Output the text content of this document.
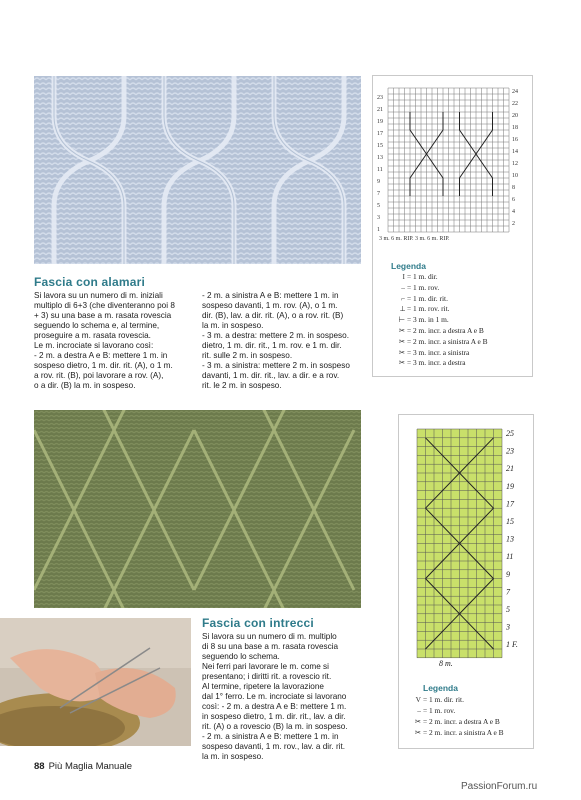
24
23
22
21
20
19
18
17
16
15
14
13
12
11
10
9
8
7
6
5
4
3
2
1
3 m. 6 m. RIP. 3 m. 6 m. RIP.
Legenda
I = 1 m. dir.
– = 1 m. rov.
⌐ = 1 m. dir. rit.
⟂ = 1 m. rov. rit.
⊢ = 3 m. in 1 m.
✂ = 2 m. incr. a destra A e B
✂ = 2 m. incr. a sinistra A e B
✂ = 3 m. incr. a sinistra
✂ = 3 m. incr. a destra
Fascia con alamari

Si lavora su un numero di m. iniziali

multiplo di 6+3 (che diventeranno poi 8

+ 3) su una base a m. rasata rovescia

seguendo lo schema e, al termine,

proseguire a m. rasata rovescia.

Le m. incrociate si lavorano così:

- 2 m. a destra A e B: mettere 1 m. in

sospeso dietro, 1 m. dir. rit. (A), o 1 m.

a rov. rit. (B), poi lavorare a rov. (A),

o a dir. (B) la m. in sospeso.

- 2 m. a sinistra A e B: mettere 1 m. in

sospeso davanti, 1 m. rov. (A), o 1 m.

dir. (B), lav. a dir. rit. (A), o a rov. rit. (B)

la m. in sospeso.

- 3 m. a destra: mettere 2 m. in sospeso.

dietro, 1 m. dir. rit., 1 m. rov. e 1 m. dir.

rit. sulle 2 m. in sospeso.

- 3 m. a sinistra: mettere 2 m. in sospeso

davanti, 1 m. dir. rit., lav. a dir. e a rov.

rit. le 2 m. in sospeso.

25
23
21
19
17
15
13
11
9
7
5
3
1 F.
8 m.
Legenda
V = 1 m. dir. rit.
– = 1 m. rov.
✂ = 2 m. incr. a destra A e B
✂ = 2 m. incr. a sinistra A e B
Fascia con intrecci

Si lavora su un numero di m. multiplo

di 8 su una base a m. rasata rovescia

seguendo lo schema.

Nei ferri pari lavorare le m. come si

presentano; i diritti rit. a rovescio rit.

Al termine, ripetere la lavorazione

dal 1° ferro. Le m. incrociate si lavorano

così: - 2 m. a destra A e B: mettere 1 m.

in sospeso dietro, 1 m. dir. rit., lav. a dir.

rit. (A) o a rovescio (B) la m. in sospeso.

- 2 m. a sinistra A e B: mettere 1 m. in

sospeso davanti, 1 m. rov., lav. a dir. rit.

la m. in sospeso.

88 Più Maglia Manuale
PassionForum.ru
